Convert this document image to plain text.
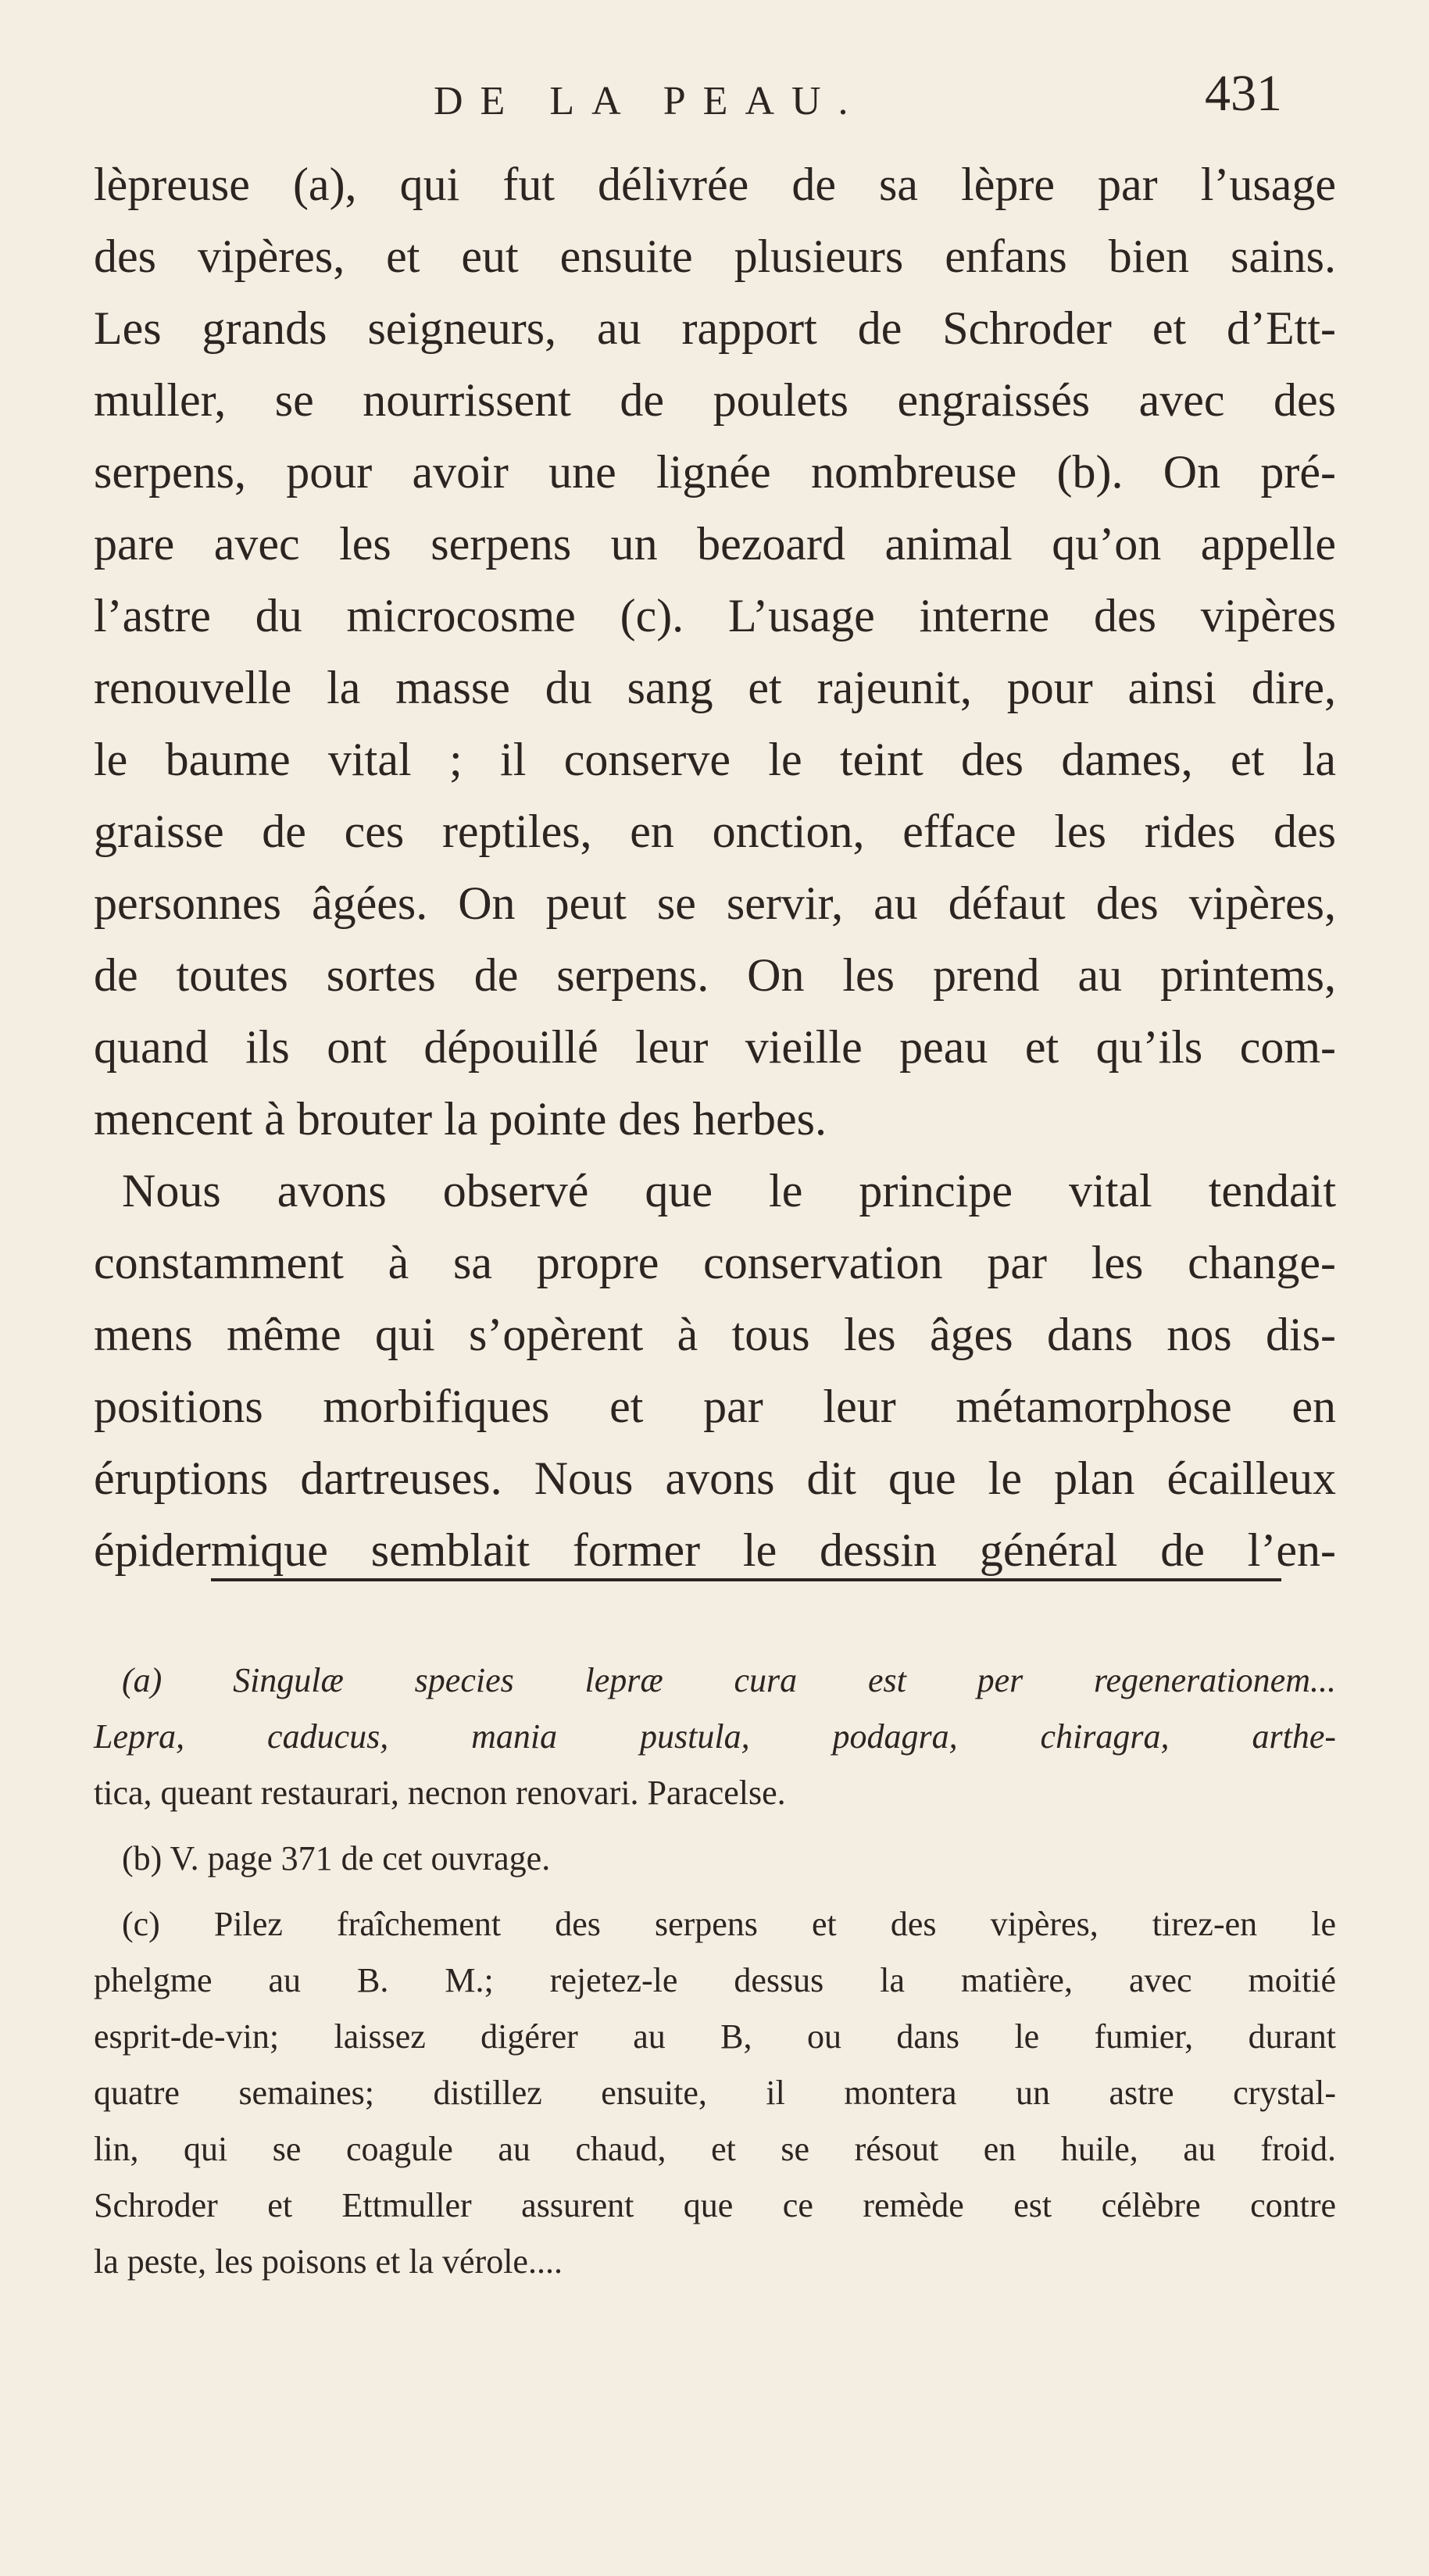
DE LA PEAU.	431
lèpreuse (a), qui fut délivrée de sa lèpre par l’usage
des vipères, et eut ensuite plusieurs enfans bien sains.
Les grands seigneurs, au rapport de Schroder et d’Ett-
muller, se nourrissent de poulets engraissés avec des
serpens, pour avoir une lignée nombreuse (b). On pré-
pare avec les serpens un bezoard animal qu’on appelle
l’astre du microcosme (c). L’usage interne des vipères
renouvelle la masse du sang et rajeunit, pour ainsi dire,
le baume vital ; il conserve le teint des dames, et la
graisse de ces reptiles, en onction, efface les rides des
personnes âgées. On peut se servir, au défaut des vipères,
de toutes sortes de serpens. On les prend au printems,
quand ils ont dépouillé leur vieille peau et qu’ils com-
mencent à brouter la pointe des herbes.
Nous avons observé que le principe vital tendait
constamment à sa propre conservation par les change-
mens même qui s’opèrent à tous les âges dans nos dis-
positions morbifiques et par leur métamorphose en
éruptions dartreuses. Nous avons dit que le plan écailleux
épidermique semblait former le dessin général de l’en-
(a) Singulæ species lepræ cura est per regenerationem...
Lepra, caducus, mania pustula, podagra, chiragra, arthe-
tica, queant restaurari, necnon renovari. Paracelse.
(b) V. page 371 de cet ouvrage.
(c) Pilez fraîchement des serpens et des vipères, tirez-en le
phelgme au B. M.; rejetez-le dessus la matière, avec moitié
esprit-de-vin; laissez digérer au B, ou dans le fumier, durant
quatre semaines; distillez ensuite, il montera un astre crystal-
lin, qui se coagule au chaud, et se résout en huile, au froid.
Schroder et Ettmuller assurent que ce remède est célèbre contre
la peste, les poisons et la vérole....
